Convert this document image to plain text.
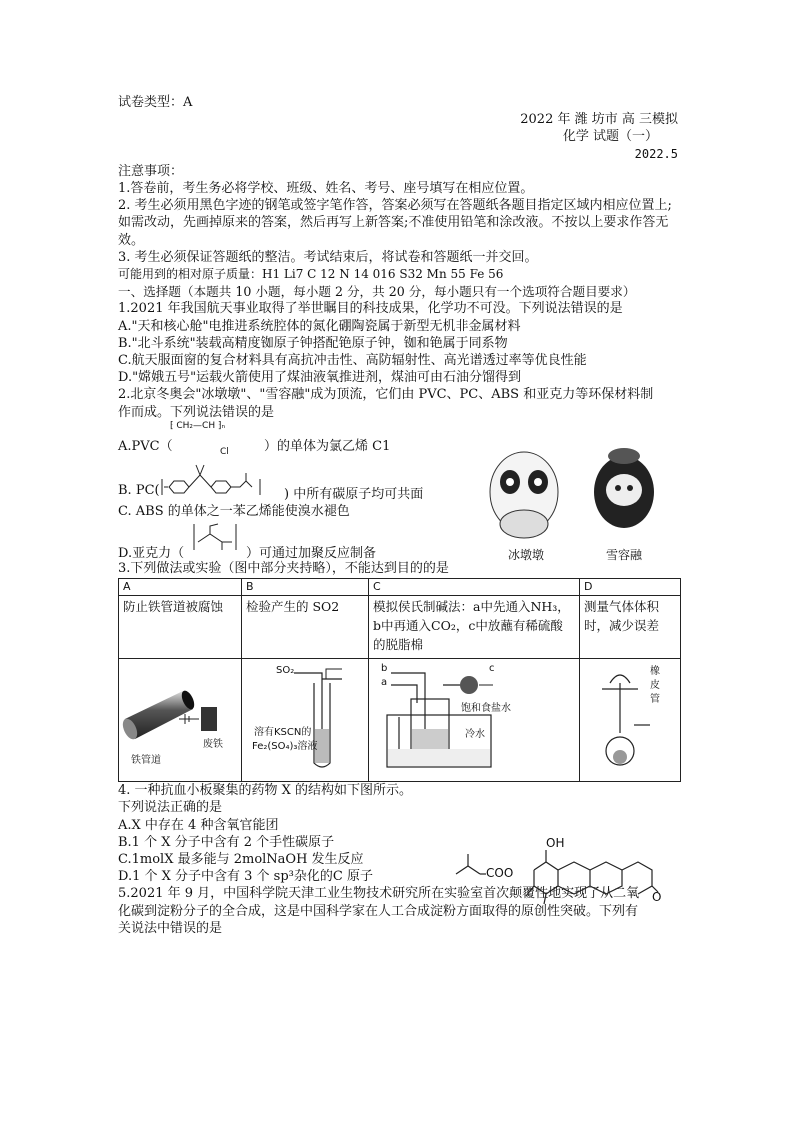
试卷类型：A
2022 年 潍 坊市 高 三模拟
化学 试题（一）
2022.5
注意事项：
1.答卷前，考生务必将学校、班级、姓名、考号、座号填写在相应位置。
2. 考生必须用黑色字迹的钢笔或签字笔作答，答案必须写在答题纸各题目指定区域内相应位置上;如需改动，先画掉原来的答案，然后再写上新答案;不准使用铅笔和涂改液。不按以上要求作答无效。
3. 考生必须保证答题纸的整洁。考试结束后，将试卷和答题纸一并交回。
可能用到的相对原子质量：H1 Li7 C 12 N 14 016 S32 Mn 55 Fe 56
一、选择题（本题共 10 小题，每小题 2 分，共 20 分，每小题只有一个选项符合题目要求）
1.2021 年我国航天事业取得了举世瞩目的科技成果，化学功不可没。下列说法错误的是
A."天和核心舱"电推进系统腔体的氮化硼陶瓷属于新型无机非金属材料
B."北斗系统"装载高精度铷原子钟搭配铯原子钟，铷和铯属于同系物
C.航天服面窗的复合材料具有高抗冲击性、高防辐射性、高光谱透过率等优良性能
D."嫦娥五号"运载火箭使用了煤油液氧推进剂，煤油可由石油分馏得到
2.北京冬奥会"冰墩墩"、"雪容融"成为顶流，它们由 PVC、PC、ABS 和亚克力等环保材料制
作而成。下列说法错误的是
⁅ CH₂—CH ⁆ₙ
Cl
A.PVC（	）的单体为氯乙烯 C1
B. PC(	) 中所有碳原子均可共面
C. ABS 的单体之一苯乙烯能使溴水褪色
D.亚克力（	）可通过加聚反应制备
3.下列做法或实验（图中部分夹持略），不能达到目的的是
A	B	C	D
防止铁管道被腐蚀	检验产生的 SO2	模拟侯氏制碱法：a中先通入NH₃，b中再通入CO₂，c中放蘸有稀硫酸的脱脂棉	测量气体体积时，减少误差

铁管道
废铁	SO₂
溶有KSCN的
Fe₂(SO₄)₃溶液	b
a
c
饱和食盐水
冷水	橡皮管
4. 一种抗血小板聚集的药物 X 的结构如下图所示。
下列说法正确的是
A.X 中存在 4 种含氧官能团
B.1 个 X 分子中含有 2 个手性碳原子
C.1molX 最多能与 2molNaOH 发生反应
D.1 个 X 分子中含有 3 个 sp³杂化的C 原子
5.2021 年 9 月，中国科学院天津工业生物技术研究所在实验室首次颠覆性地实现了从二氧
化碳到淀粉分子的全合成，这是中国科学家在人工合成淀粉方面取得的原创性突破。下列有
关说法中错误的是
冰墩墩	雪容融
COO
OH
O
